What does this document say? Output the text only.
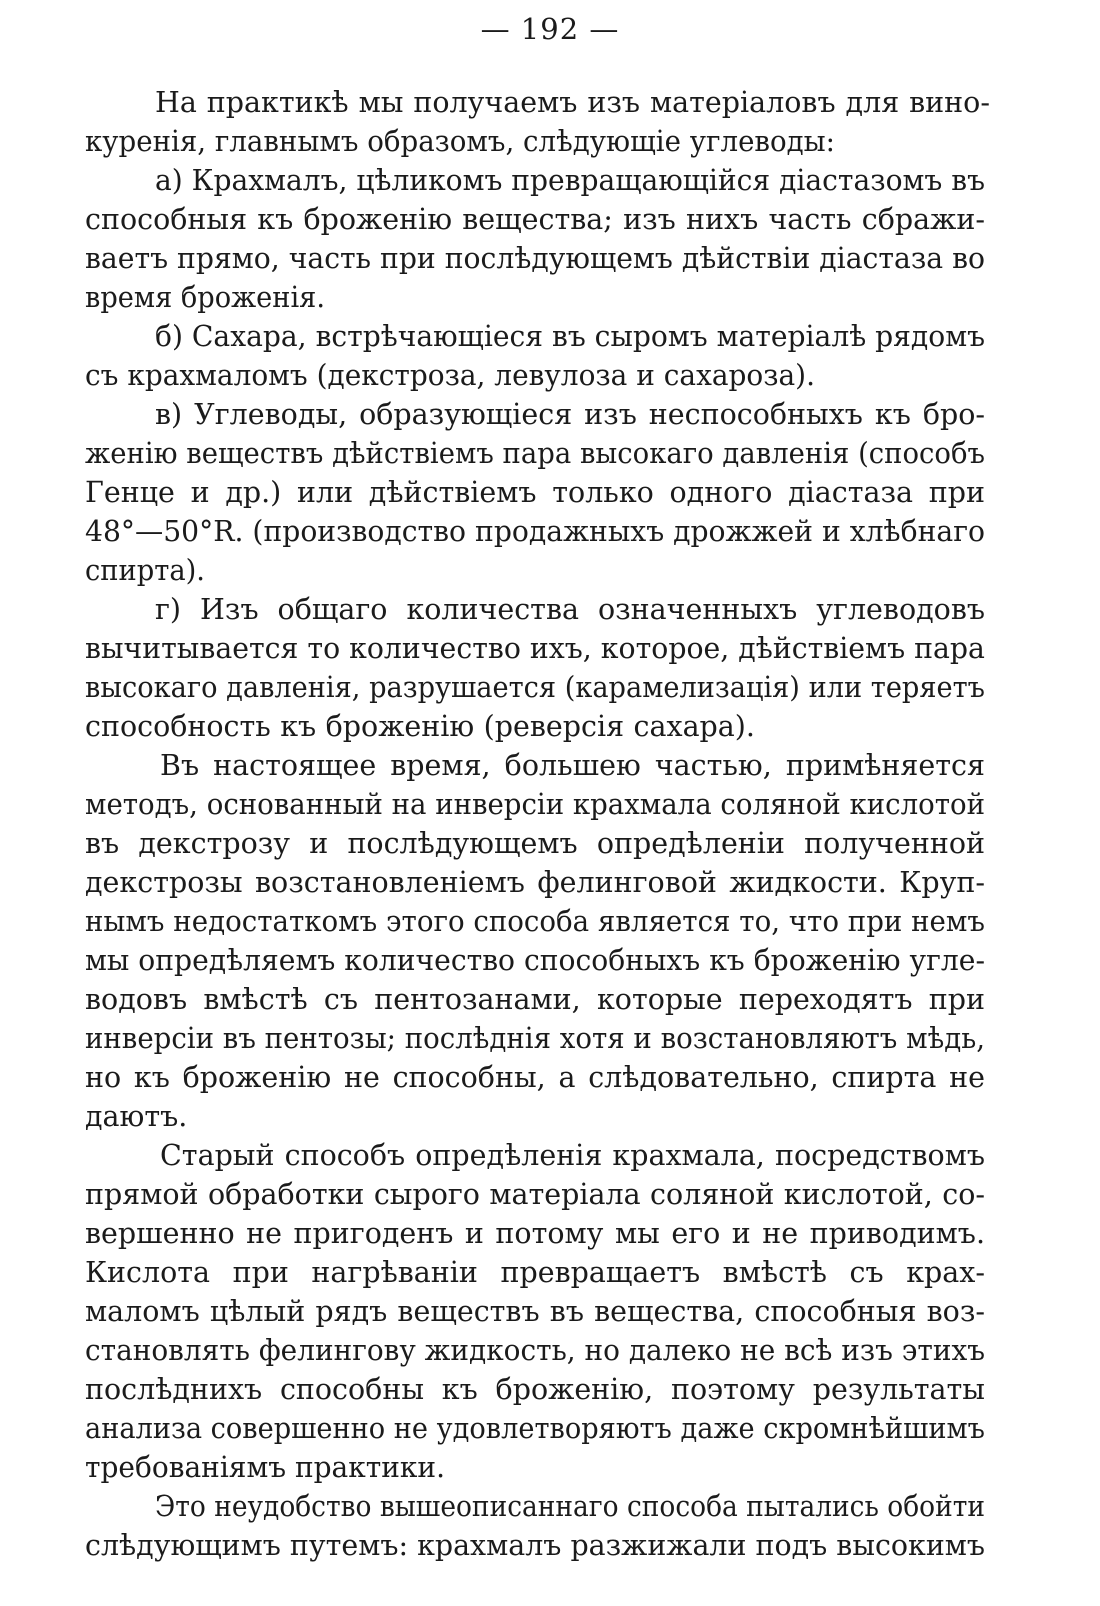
— 192 —
На практикѣ мы получаемъ изъ матеріаловъ для вино-
куренія, главнымъ образомъ, слѣдующіе углеводы:
а) Крахмалъ, цѣликомъ превращающійся діастазомъ въ
способныя къ броженію вещества; изъ нихъ часть сбражи-
ваетъ прямо, часть при послѣдующемъ дѣйствіи діастаза во
время броженія.
б) Сахара, встрѣчающіеся въ сыромъ матеріалѣ рядомъ
съ крахмаломъ (декстроза, левулоза и сахароза).
в) Углеводы, образующіеся изъ неспособныхъ къ бро-
женію веществъ дѣйствіемъ пара высокаго давленія (способъ
Генце и др.) или дѣйствіемъ только одного діастаза при
48°—50°R. (производство продажныхъ дрожжей и хлѣбнаго
спирта).
г) Изъ общаго количества означенныхъ углеводовъ
вычитывается то количество ихъ, которое, дѣйствіемъ пара
высокаго давленія, разрушается (карамелизація) или теряетъ
способность къ броженію (реверсія сахара).
Въ настоящее время, большею частью, примѣняется
методъ, основанный на инверсіи крахмала соляной кислотой
въ декстрозу и послѣдующемъ опредѣленіи полученной
декстрозы возстановленіемъ фелинговой жидкости. Круп-
нымъ недостаткомъ этого способа является то, что при немъ
мы опредѣляемъ количество способныхъ къ броженію угле-
водовъ вмѣстѣ съ пентозанами, которые переходятъ при
инверсіи въ пентозы; послѣднія хотя и возстановляютъ мѣдь,
но къ броженію не способны, а слѣдовательно, спирта не
даютъ.
Старый способъ опредѣленія крахмала, посредствомъ
прямой обработки сырого матеріала соляной кислотой, со-
вершенно не пригоденъ и потому мы его и не приводимъ.
Кислота при нагрѣваніи превращаетъ вмѣстѣ съ крах-
маломъ цѣлый рядъ веществъ въ вещества, способныя воз-
становлять фелингову жидкость, но далеко не всѣ изъ этихъ
послѣднихъ способны къ броженію, поэтому результаты
анализа совершенно не удовлетворяютъ даже скромнѣйшимъ
требованіямъ практики.
Это неудобство вышеописаннаго способа пытались обойти
слѣдующимъ путемъ: крахмалъ разжижали подъ высокимъ
